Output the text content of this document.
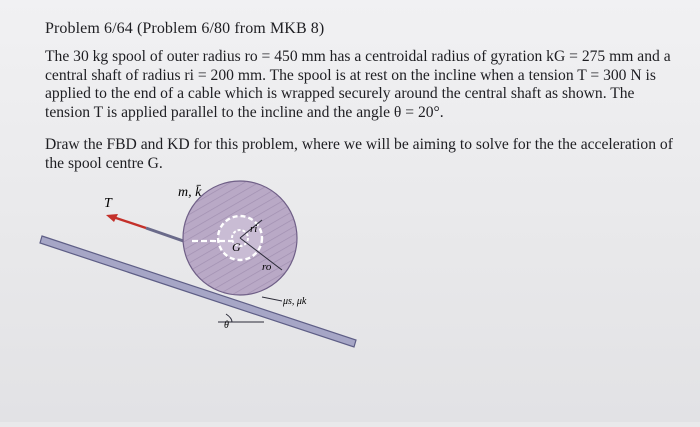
Problem 6/64 (Problem 6/80 from MKB 8)
The 30 kg spool of outer radius ro = 450 mm has a centroidal radius of gyration kG = 275 mm and a central shaft of radius ri = 200 mm. The spool is at rest on the incline when a tension T = 300 N is applied to the end of a cable which is wrapped securely around the central shaft as shown. The tension T is applied parallel to the incline and the angle θ = 20°.
Draw the FBD and KD for this problem, where we will be aiming to solve for the the acceleration of the spool centre G.
T
G
ri
ro
m, k̄
μs, μk
θ
